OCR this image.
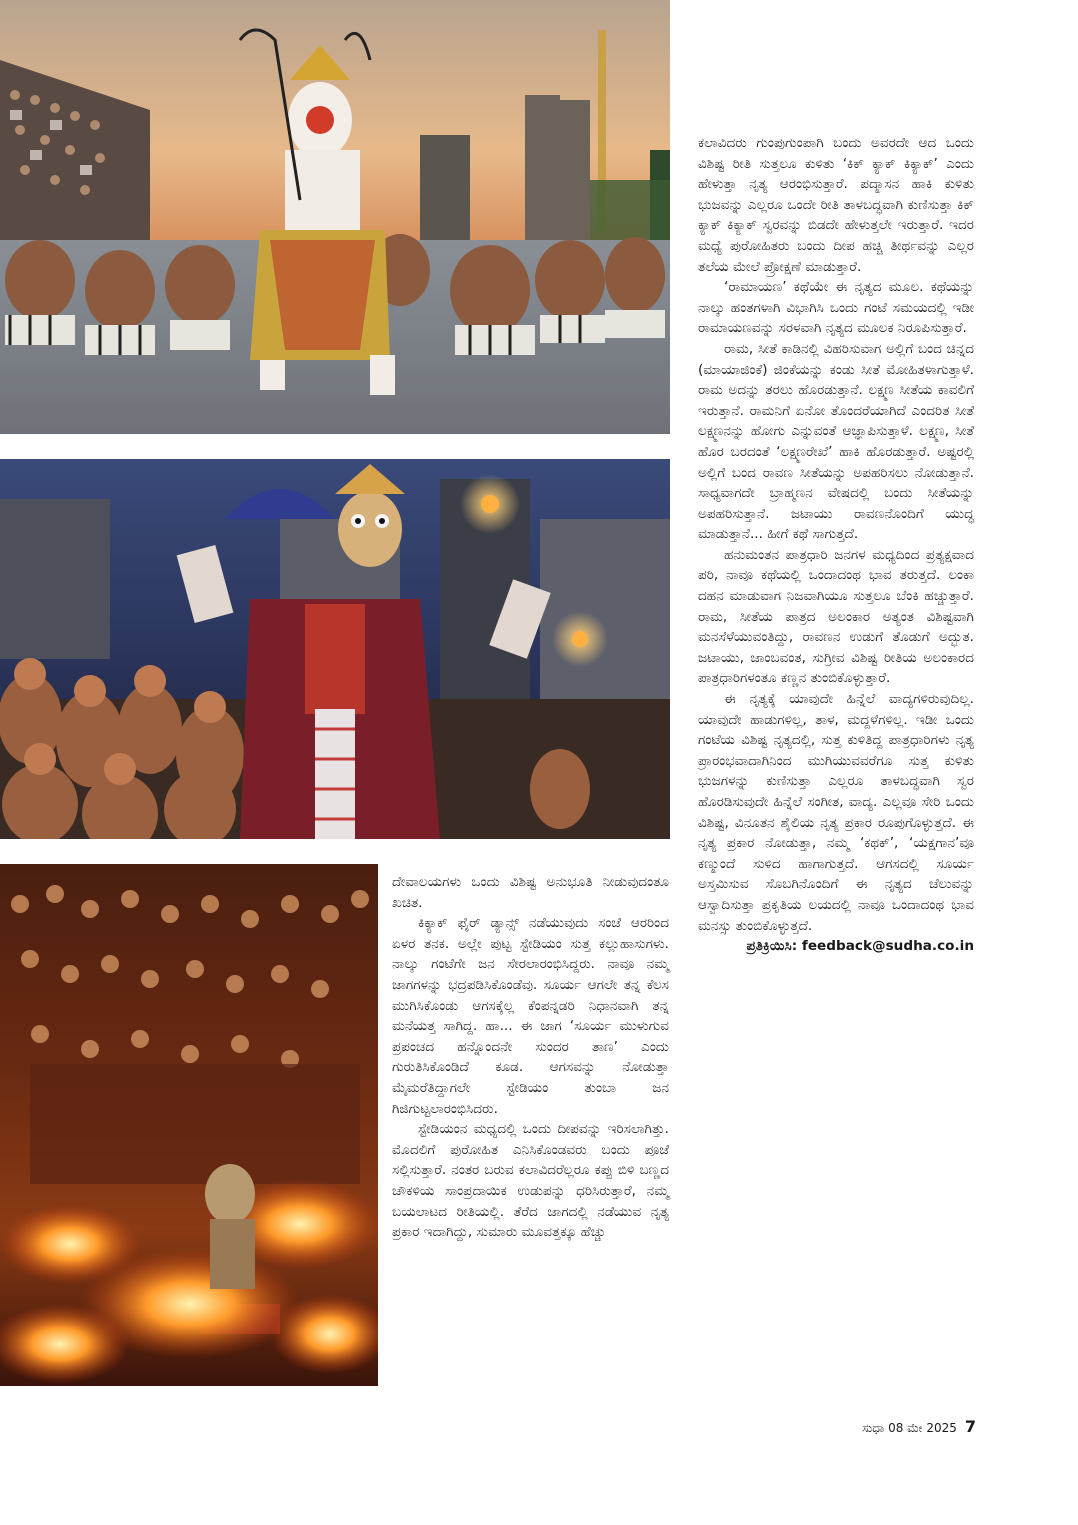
ಕಲಾವಿದರು ಗುಂಪುಗುಂಪಾಗಿ ಬಂದು ಅವರದೇ ಆದ ಒಂದು ವಿಶಿಷ್ಟ ರೀತಿ ಸುತ್ತಲೂ ಕುಳಿತು ‘ಕಿಕ್ ಕ್ಯಾಕ್ ಕಿಕ್ಯಾಕ್’ ಎಂದು ಹೇಳುತ್ತಾ ನೃತ್ಯ ಆರಂಭಿಸುತ್ತಾರೆ. ಪದ್ಮಾಸನ ಹಾಕಿ ಕುಳಿತು ಭುಜವನ್ನು ಎಲ್ಲರೂ ಒಂದೇ ರೀತಿ ತಾಳಬದ್ಧವಾಗಿ ಕುಣಿಸುತ್ತಾ ಕಿಕ್ ಕ್ಯಾಕ್ ಕಿಕ್ಯಾಕ್ ಸ್ವರವನ್ನು ಬಿಡದೇ ಹೇಳುತ್ತಲೇ ಇರುತ್ತಾರೆ. ಇದರ ಮಧ್ಯೆ ಪುರೋಹಿತರು ಬಂದು ದೀಪ ಹಚ್ಚಿ ತೀರ್ಥವನ್ನು ಎಲ್ಲರ ತಲೆಯ ಮೇಲೆ ಪ್ರೋಕ್ಷಣೆ ಮಾಡುತ್ತಾರೆ.

‘ರಾಮಾಯಣ’ ಕಥೆಯೇ ಈ ನೃತ್ಯದ ಮೂಲ. ಕಥೆಯನ್ನು ನಾಲ್ಕು ಹಂತಗಳಾಗಿ ವಿಭಾಗಿಸಿ ಒಂದು ಗಂಟೆ ಸಮಯದಲ್ಲಿ ಇಡೀ ರಾಮಾಯಣವನ್ನು ಸರಳವಾಗಿ ನೃತ್ಯದ ಮೂಲಕ ನಿರೂಪಿಸುತ್ತಾರೆ.

ರಾಮ, ಸೀತೆ ಕಾಡಿನಲ್ಲಿ ವಿಹರಿಸುವಾಗ ಅಲ್ಲಿಗೆ ಬಂದ ಚಿನ್ನದ (ಮಾಯಾಜಿಂಕೆ) ಜಿಂಕೆಯನ್ನು ಕಂಡು ಸೀತೆ ಮೋಹಿತಳಾಗುತ್ತಾಳೆ. ರಾಮ ಅದನ್ನು ತರಲು ಹೊರಡುತ್ತಾನೆ. ಲಕ್ಷ್ಮಣ ಸೀತೆಯ ಕಾವಲಿಗೆ ಇರುತ್ತಾನೆ. ರಾಮನಿಗೆ ಏನೋ ತೊಂದರೆಯಾಗಿದೆ ಎಂದರಿತ ಸೀತೆ ಲಕ್ಷ್ಮಣನನ್ನು ಹೋಗು ಎನ್ನುವಂತೆ ಆಜ್ಞಾಪಿಸುತ್ತಾಳೆ. ಲಕ್ಷ್ಮಣ, ಸೀತೆ ಹೊರ ಬರದಂತೆ ‘ಲಕ್ಷ್ಮಣರೇಖೆ’ ಹಾಕಿ ಹೊರಡುತ್ತಾರೆ. ಅಷ್ಟರಲ್ಲಿ ಅಲ್ಲಿಗೆ ಬಂದ ರಾವಣ ಸೀತೆಯನ್ನು ಅಪಹರಿಸಲು ನೋಡುತ್ತಾನೆ. ಸಾಧ್ಯವಾಗದೇ ಬ್ರಾಹ್ಮಣನ ವೇಷದಲ್ಲಿ ಬಂದು ಸೀತೆಯನ್ನು ಅಪಹರಿಸುತ್ತಾನೆ. ಜಟಾಯು ರಾವಣನೊಂದಿಗೆ ಯುದ್ಧ ಮಾಡುತ್ತಾನೆ... ಹೀಗೆ ಕಥೆ ಸಾಗುತ್ತದೆ.

ಹನುಮಂತನ ಪಾತ್ರಧಾರಿ ಜನಗಳ ಮಧ್ಯದಿಂದ ಪ್ರತ್ಯಕ್ಷವಾದ ಪರಿ, ನಾವೂ ಕಥೆಯಲ್ಲಿ ಒಂದಾದಂಥ ಭಾವ ತರುತ್ತದೆ. ಲಂಕಾ ದಹನ ಮಾಡುವಾಗ ನಿಜವಾಗಿಯೂ ಸುತ್ತಲೂ ಬೆಂಕಿ ಹಚ್ಚುತ್ತಾರೆ. ರಾಮ, ಸೀತೆಯ ಪಾತ್ರದ ಅಲಂಕಾರ ಅತ್ಯಂತ ವಿಶಿಷ್ಟವಾಗಿ ಮನಸೆಳೆಯುವಂತಿದ್ದು, ರಾವಣನ ಉಡುಗೆ ತೊಡುಗೆ ಅದ್ಭುತ. ಜಟಾಯು, ಜಾಂಬವಂತ, ಸುಗ್ರೀವ ವಿಶಿಷ್ಟ ರೀತಿಯ ಅಲಂಕಾರದ ಪಾತ್ರಧಾರಿಗಳಂತೂ ಕಣ್ಣನ ತುಂಬಿಕೊಳ್ಳುತ್ತಾರೆ.

ಈ ನೃತ್ಯಕ್ಕೆ ಯಾವುದೇ ಹಿನ್ನೆಲೆ ವಾದ್ಯಗಳಿರುವುದಿಲ್ಲ. ಯಾವುದೇ ಹಾಡುಗಳಿಲ್ಲ, ತಾಳ, ಮದ್ದಳೆಗಳಿಲ್ಲ. ಇಡೀ ಒಂದು ಗಂಟೆಯ ವಿಶಿಷ್ಟ ನೃತ್ಯದಲ್ಲಿ, ಸುತ್ತ ಕುಳಿತಿದ್ದ ಪಾತ್ರಧಾರಿಗಳು ನೃತ್ಯ ಪ್ರಾರಂಭವಾದಾಗಿನಿಂದ ಮುಗಿಯುವವರೆಗೂ ಸುತ್ತ ಕುಳಿತು ಭುಜಗಳನ್ನು ಕುಣಿಸುತ್ತಾ ಎಲ್ಲರೂ ತಾಳಬದ್ಧವಾಗಿ ಸ್ವರ ಹೊರಡಿಸುವುದೇ ಹಿನ್ನೆಲೆ ಸಂಗೀತ, ವಾದ್ಯ. ಎಲ್ಲವೂ ಸೇರಿ ಒಂದು ವಿಶಿಷ್ಟ, ವಿನೂತನ ಶೈಲಿಯ ನೃತ್ಯ ಪ್ರಕಾರ ರೂಪುಗೊಳ್ಳುತ್ತದೆ. ಈ ನೃತ್ಯ ಪ್ರಕಾರ ನೋಡುತ್ತಾ, ನಮ್ಮ ‘ಕಥಕ್’, ‘ಯಕ್ಷಗಾನ’ವೂ ಕಣ್ಮುಂದೆ ಸುಳಿದ ಹಾಗಾಗುತ್ತದೆ. ಆಗಸದಲ್ಲಿ ಸೂರ್ಯ ಅಸ್ತಮಿಸುವ ಸೊಬಗಿನೊಂದಿಗೆ ಈ ನೃತ್ಯದ ಚೆಲುವನ್ನು ಆಸ್ವಾದಿಸುತ್ತಾ ಪ್ರಕೃತಿಯ ಲಯದಲ್ಲಿ ನಾವೂ ಒಂದಾದಂಥ ಭಾವ ಮನಸ್ಸು ತುಂಬಿಕೊಳ್ಳುತ್ತದೆ.

ಪ್ರತಿಕ್ರಿಯಿಸಿ: feedback@sudha.co.in

ದೇವಾಲಯಗಳು ಒಂದು ವಿಶಿಷ್ಟ ಅನುಭೂತಿ ನೀಡುವುದಂತೂ ಖಚಿತ.

ಕಿಕ್ಯಾಕ್ ಫೈರ್ ಡ್ಯಾನ್ಸ್ ನಡೆಯುವುದು ಸಂಜೆ ಆರರಿಂದ ಏಳರ ತನಕ. ಅಲ್ಲೇ ಪುಟ್ಟ ಸ್ಟೇಡಿಯಂ ಸುತ್ತ ಕಲ್ಲುಹಾಸುಗಳು. ನಾಲ್ಕು ಗಂಟೆಗೇ ಜನ ಸೇರಲಾರಂಭಿಸಿದ್ದರು. ನಾವೂ ನಮ್ಮ ಜಾಗಗಳನ್ನು ಭದ್ರಪಡಿಸಿಕೊಂಡೆವು. ಸೂರ್ಯ ಆಗಲೇ ತನ್ನ ಕೆಲಸ ಮುಗಿಸಿಕೊಂಡು ಆಗಸಕ್ಕೆಲ್ಲ ಕೆಂಪನ್ನಡರಿ ನಿಧಾನವಾಗಿ ತನ್ನ ಮನೆಯತ್ತ ಸಾಗಿದ್ದ. ಹಾ... ಈ ಜಾಗ ‘ಸೂರ್ಯ ಮುಳುಗುವ ಪ್ರಪಂಚದ ಹನ್ನೊಂದನೇ ಸುಂದರ ತಾಣ’ ಎಂದು ಗುರುತಿಸಿಕೊಂಡಿದೆ ಕೂಡ. ಆಗಸವನ್ನು ನೋಡುತ್ತಾ ಮೈಮರೆತಿದ್ದಾಗಲೇ ಸ್ಟೇಡಿಯಂ ತುಂಬಾ ಜನ ಗಿಜಿಗುಟ್ಟಲಾರಂಭಿಸಿದರು.

ಸ್ಟೇಡಿಯಂನ ಮಧ್ಯದಲ್ಲಿ ಒಂದು ದೀಪವನ್ನು ಇರಿಸಲಾಗಿತ್ತು. ಮೊದಲಿಗೆ ಪುರೋಹಿತ ಎನಿಸಿಕೊಂಡವರು ಬಂದು ಪೂಜೆ ಸಲ್ಲಿಸುತ್ತಾರೆ. ನಂತರ ಬರುವ ಕಲಾವಿದರೆಲ್ಲರೂ ಕಪ್ಪು ಬಿಳಿ ಬಣ್ಣದ ಚೌಕಳಿಯ ಸಾಂಪ್ರದಾಯಿಕ ಉಡುಪನ್ನು ಧರಿಸಿರುತ್ತಾರೆ, ನಮ್ಮ ಬಯಲಾಟದ ರೀತಿಯಲ್ಲಿ. ತೆರೆದ ಜಾಗದಲ್ಲಿ ನಡೆಯುವ ನೃತ್ಯ ಪ್ರಕಾರ ಇದಾಗಿದ್ದು, ಸುಮಾರು ಮೂವತ್ತಕ್ಕೂ ಹೆಚ್ಚು

ಸುಧಾ 08 ಮೇ 2025 7
